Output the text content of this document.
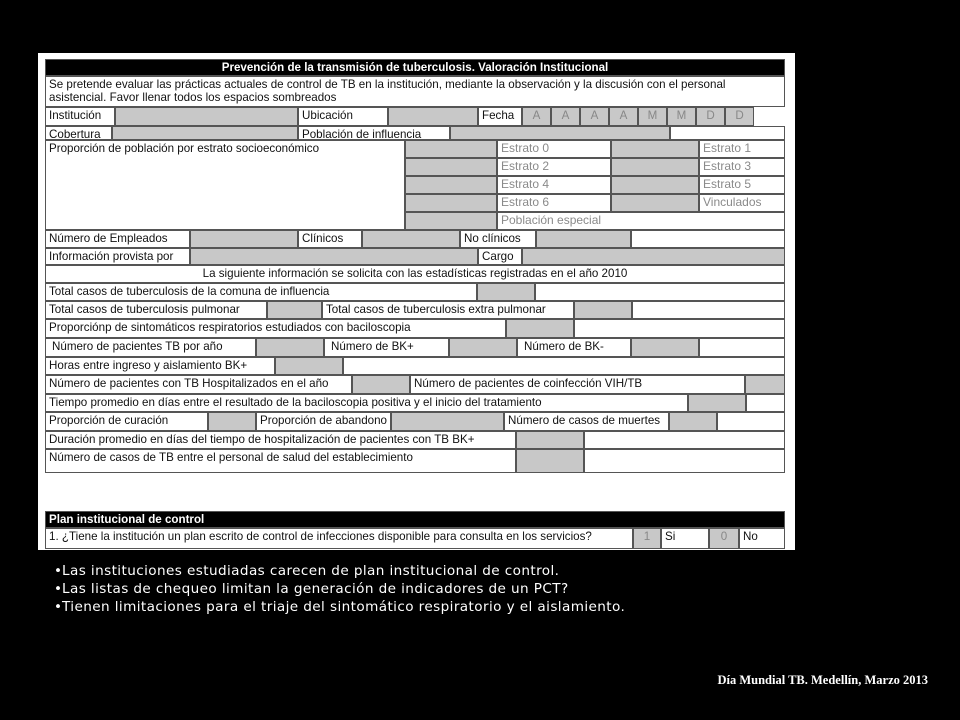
Prevención de la transmisión de tuberculosis. Valoración Institucional
Se pretende evaluar las prácticas actuales de control de TB en la institución, mediante la observación y la discusión con el personal asistencial. Favor llenar todos los espacios sombreados
Institución	Ubicación	Fecha	A	A	A	A	M	M	D	D
Cobertura	Población de influencia
Proporción de población por estrato socioeconómico	Estrato 0	Estrato 1
Estrato 2	Estrato 3
Estrato 4	Estrato 5
Estrato 6	Vinculados
Población especial
Número de Empleados	Clínicos	No clínicos
Información provista por	Cargo
La siguiente información se solicita con las estadísticas registradas en el año 2010
Total casos de tuberculosis de la comuna de influencia
Total casos de tuberculosis pulmonar	Total casos de tuberculosis extra pulmonar
Proporciónp de sintomáticos respiratorios estudiados con baciloscopia
Número de pacientes TB por año	Número de BK+	Número de BK-
Horas entre ingreso y aislamiento BK+
Número de pacientes con TB Hospitalizados en el año	Número de pacientes de coinfección VIH/TB
Tiempo promedio en días entre el resultado de la baciloscopia positiva y el inicio del tratamiento
Proporción de curación	Proporción de abandono	Número de casos de muertes
Duración promedio en días del tiempo de hospitalización de pacientes con TB BK+
Número de casos de TB entre el personal de salud del establecimiento
Plan institucional de control
1. ¿Tiene la institución un plan escrito de control de infecciones disponible para consulta en los servicios?	1	Si	0	No
• Las instituciones estudiadas carecen de plan institucional de control.
• Las listas de chequeo limitan la generación de indicadores de un PCT?
• Tienen limitaciones para el triaje del sintomático respiratorio y el aislamiento.
Día Mundial TB. Medellín, Marzo 2013
